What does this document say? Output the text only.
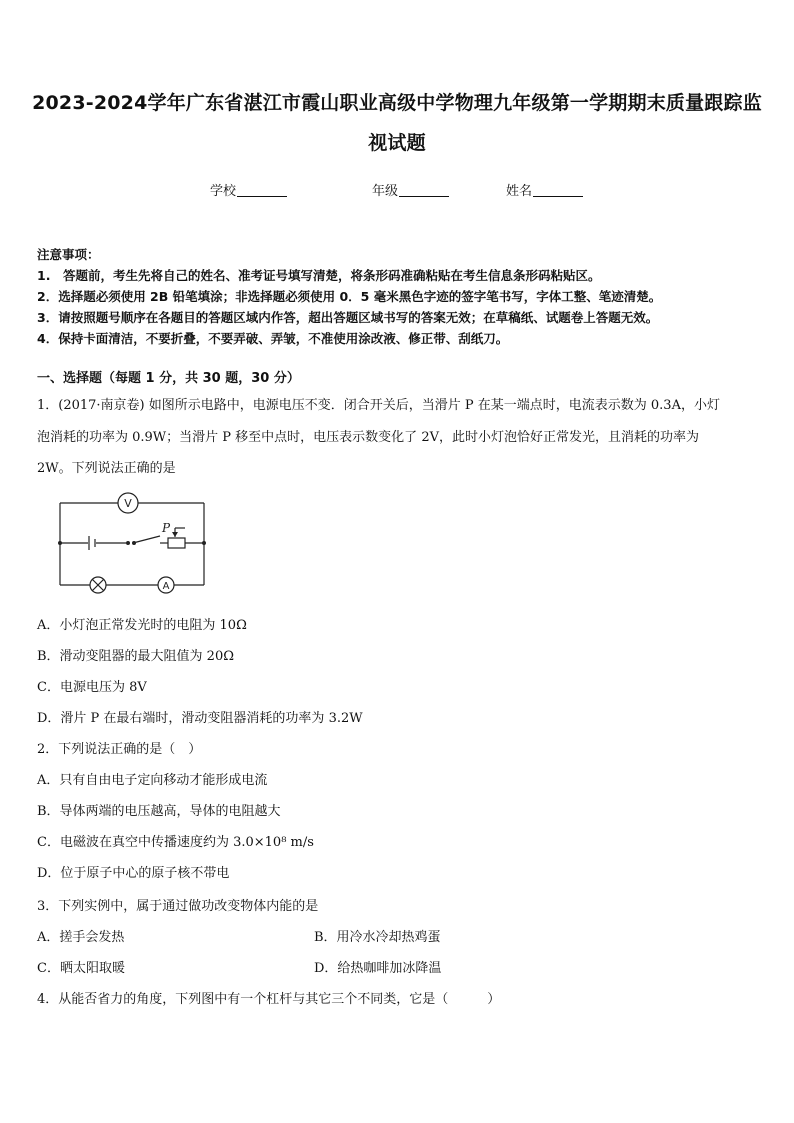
2023-2024学年广东省湛江市霞山职业高级中学物理九年级第一学期期末质量跟踪监
视试题
学校	年级	姓名
注意事项：
1.　答题前，考生先将自己的姓名、准考证号填写清楚，将条形码准确粘贴在考生信息条形码粘贴区。
2．选择题必须使用 2B 铅笔填涂；非选择题必须使用 0．5 毫米黑色字迹的签字笔书写，字体工整、笔迹清楚。
3．请按照题号顺序在各题目的答题区域内作答，超出答题区域书写的答案无效；在草稿纸、试题卷上答题无效。
4．保持卡面清洁，不要折叠，不要弄破、弄皱，不准使用涂改液、修正带、刮纸刀。
一、选择题（每题 1 分，共 30 题，30 分）
1．(2017·南京卷) 如图所示电路中，电源电压不变．闭合开关后，当滑片 P 在某一端点时，电流表示数为 0.3A，小灯
泡消耗的功率为 0.9W；当滑片 P 移至中点时，电压表示数变化了 2V，此时小灯泡恰好正常发光，且消耗的功率为
2W。下列说法正确的是
V
A
P
A．小灯泡正常发光时的电阻为 10Ω
B．滑动变阻器的最大阻值为 20Ω
C．电源电压为 8V
D．滑片 P 在最右端时，滑动变阻器消耗的功率为 3.2W
2．下列说法正确的是（　）
A．只有自由电子定向移动才能形成电流
B．导体两端的电压越高，导体的电阻越大
C．电磁波在真空中传播速度约为 3.0×10⁸ m/s
D．位于原子中心的原子核不带电
3．下列实例中，属于通过做功改变物体内能的是
A．搓手会发热	B．用冷水冷却热鸡蛋
C．晒太阳取暖	D．给热咖啡加冰降温
4．从能否省力的角度，下列图中有一个杠杆与其它三个不同类，它是（　　　）
